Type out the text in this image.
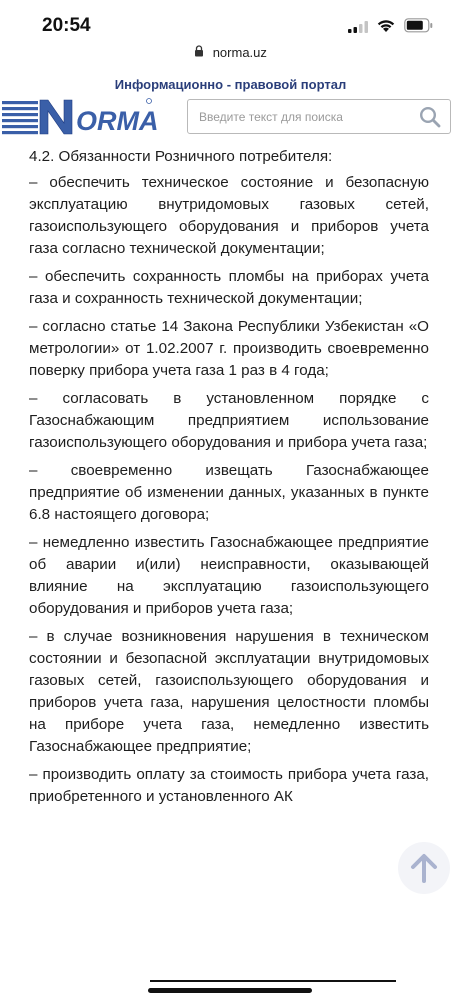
20:54
norma.uz
Информационно - правовой портал
ORMA
Введите текст для поиска

4.2. Обязанности Розничного потребителя:

– обеспечить техническое состояние и безопасную эксплуатацию внутридомовых газовых сетей, газоиспользующего оборудования и приборов учета газа согласно технической документации;

– обеспечить сохранность пломбы на приборах учета газа и сохранность технической документации;

– согласно статье 14 Закона Республики Узбекистан «О метрологии» от 1.02.2007 г. производить своевременно поверку прибора учета газа 1 раз в 4 года;

– согласовать в установленном порядке с Газоснабжающим предприятием использование газоиспользующего оборудования и прибора учета газа;

– своевременно извещать Газоснабжающее предприятие об изменении данных, указанных в пункте 6.8 настоящего договора;

– немедленно известить Газоснабжающее предприятие об аварии и(или) неисправности, оказывающей влияние на эксплуатацию газоиспользующего оборудования и приборов учета газа;

– в случае возникновения нарушения в техническом состоянии и безопасной эксплуатации внутридомовых газовых сетей, газоиспользующего оборудования и приборов учета газа, нарушения целостности пломбы на приборе учета газа, немедленно известить Газоснабжающее предприятие;

– производить оплату за стоимость прибора учета газа, приобретенного и установленного АК
